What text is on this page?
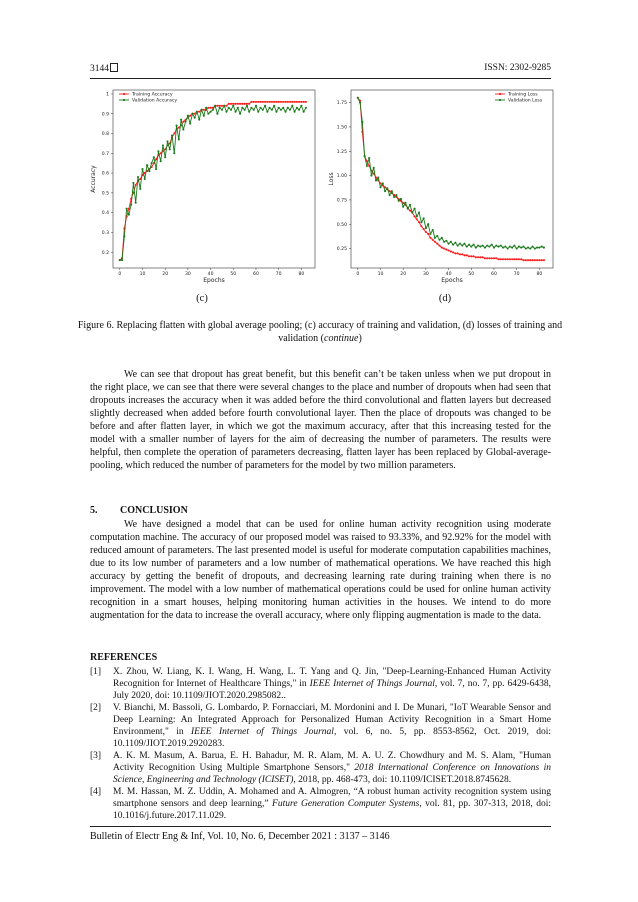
3144	ISSN: 2302-9285
0	10	20	30	40	50	60	70	80
0.2
0.3
0.4
0.5
0.6
0.7
0.8
0.9
1
Epochs
Accuracy
Training Accuracy
Validation Accuracy
0	10	20	30	40	50	60	70	80
0.25
0.50
0.75
1.00
1.25
1.50
1.75
Epochs
Loss
Training Loss
Validation Loss
(c)	(d)
Figure 6. Replacing flatten with global average pooling; (c) accuracy of training and validation, (d) losses of training and validation (continue)

We can see that dropout has great benefit, but this benefit can’t be taken unless when we put dropout in the right place, we can see that there were several changes to the place and number of dropouts when had seen that dropouts increases the accuracy when it was added before the third convolutional and flatten layers but decreased slightly decreased when added before fourth convolutional layer. Then the place of dropouts was changed to be before and after flatten layer, in which we got the maximum accuracy, after that this increasing tested for the model with a smaller number of layers for the aim of decreasing the number of parameters. The results were helpful, then complete the operation of parameters decreasing, flatten layer has been replaced by Global-average-pooling, which reduced the number of parameters for the model by two million parameters.

5. CONCLUSION

We have designed a model that can be used for online human activity recognition using moderate computation machine. The accuracy of our proposed model was raised to 93.33%, and 92.92% for the model with reduced amount of parameters. The last presented model is useful for moderate computation capabilities machines, due to its low number of parameters and a low number of mathematical operations. We have reached this high accuracy by getting the benefit of dropouts, and decreasing learning rate during training when there is no improvement. The model with a low number of mathematical operations could be used for online human activity recognition in a smart houses, helping monitoring human activities in the houses. We intend to do more augmentation for the data to increase the overall accuracy, where only flipping augmentation is made to the data.

REFERENCES
[1]	X. Zhou, W. Liang, K. I. Wang, H. Wang, L. T. Yang and Q. Jin, "Deep-Learning-Enhanced Human Activity Recognition for Internet of Healthcare Things," in IEEE Internet of Things Journal, vol. 7, no. 7, pp. 6429-6438, July 2020, doi: 10.1109/JIOT.2020.2985082..
[2]	V. Bianchi, M. Bassoli, G. Lombardo, P. Fornacciari, M. Mordonini and I. De Munari, "IoT Wearable Sensor and Deep Learning: An Integrated Approach for Personalized Human Activity Recognition in a Smart Home Environment," in IEEE Internet of Things Journal, vol. 6, no. 5, pp. 8553-8562, Oct. 2019, doi: 10.1109/JIOT.2019.2920283.
[3]	A. K. M. Masum, A. Barua, E. H. Bahadur, M. R. Alam, M. A. U. Z. Chowdhury and M. S. Alam, "Human Activity Recognition Using Multiple Smartphone Sensors," 2018 International Conference on Innovations in Science, Engineering and Technology (ICISET), 2018, pp. 468-473, doi: 10.1109/ICISET.2018.8745628.
[4]	M. M. Hassan, M. Z. Uddin, A. Mohamed and A. Almogren, “A robust human activity recognition system using smartphone sensors and deep learning,” Future Generation Computer Systems, vol. 81, pp. 307-313, 2018, doi: 10.1016/j.future.2017.11.029.
Bulletin of Electr Eng & Inf, Vol. 10, No. 6, December 2021 : 3137 – 3146
